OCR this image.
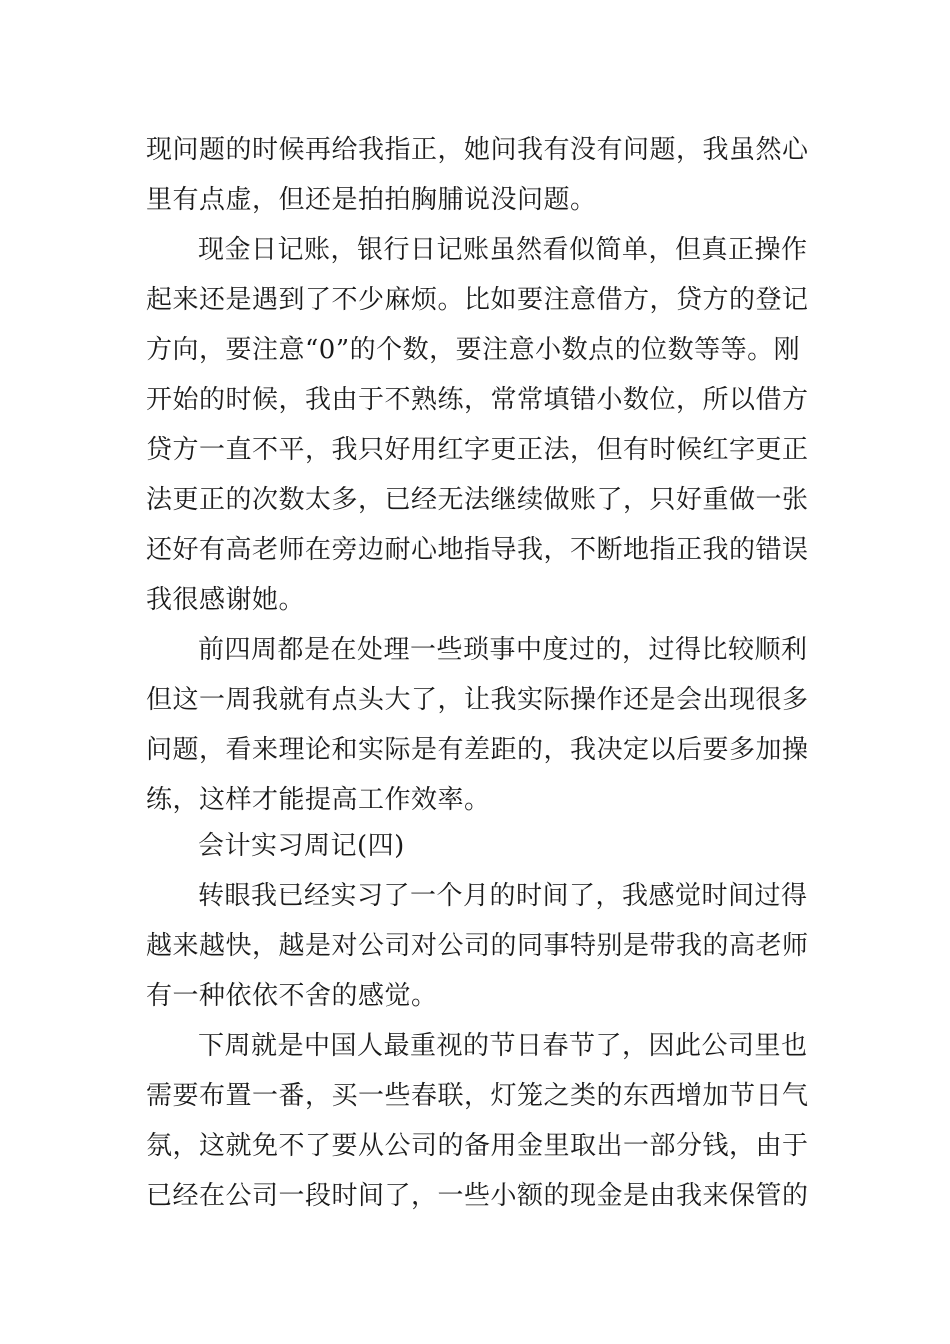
现问题的时候再给我指正，她问我有没有问题，我虽然心
里有点虚，但还是拍拍胸脯说没问题。
现金日记账，银行日记账虽然看似简单，但真正操作
起来还是遇到了不少麻烦。比如要注意借方，贷方的登记
方向，要注意“0”的个数，要注意小数点的位数等等。刚
开始的时候，我由于不熟练，常常填错小数位，所以借方
贷方一直不平，我只好用红字更正法，但有时候红字更正
法更正的次数太多，已经无法继续做账了，只好重做一张
还好有高老师在旁边耐心地指导我，不断地指正我的错误
我很感谢她。
前四周都是在处理一些琐事中度过的，过得比较顺利
但这一周我就有点头大了，让我实际操作还是会出现很多
问题，看来理论和实际是有差距的，我决定以后要多加操
练，这样才能提高工作效率。
会计实习周记(四)
转眼我已经实习了一个月的时间了，我感觉时间过得
越来越快，越是对公司对公司的同事特别是带我的高老师
有一种依依不舍的感觉。
下周就是中国人最重视的节日春节了，因此公司里也
需要布置一番，买一些春联，灯笼之类的东西增加节日气
氛，这就免不了要从公司的备用金里取出一部分钱，由于
已经在公司一段时间了，一些小额的现金是由我来保管的
